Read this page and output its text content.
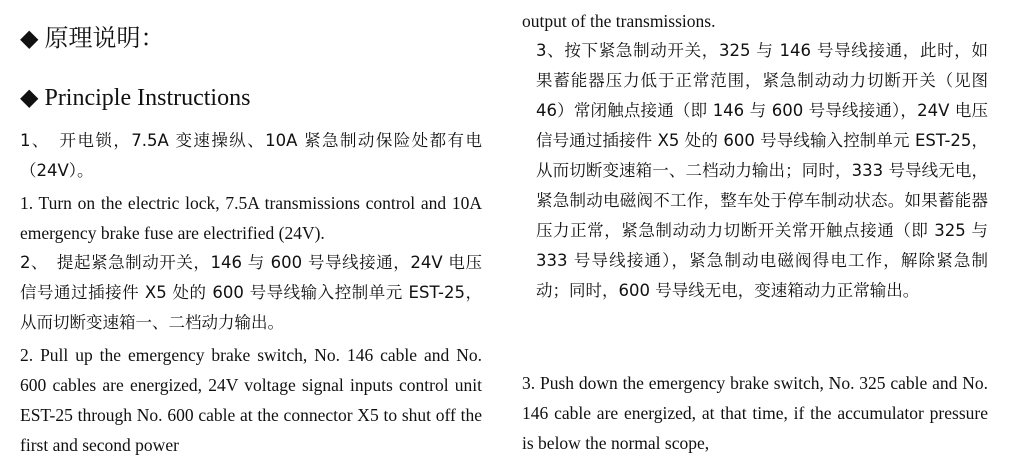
◆ 原理说明：
◆ Principle Instructions

1、　开电锁，7.5A 变速操纵、10A 紧急制动保险处都有电（24V）。

1. Turn on the electric lock, 7.5A transmissions control and 10A emergency brake fuse are electrified (24V).

2、　提起紧急制动开关，146 与 600 号导线接通，24V 电压信号通过插接件 X5 处的 600 号导线输入控制单元 EST-25，从而切断变速箱一、二档动力输出。

2. Pull up the emergency brake switch, No. 146 cable and No. 600 cables are energized, 24V voltage signal inputs control unit EST-25 through No. 600 cable at the connector X5 to shut off the first and second power

output of the transmissions.

3、按下紧急制动开关，325 与 146 号导线接通，此时，如果蓄能器压力低于正常范围，紧急制动动力切断开关（见图 46）常闭触点接通（即 146 与 600 号导线接通），24V 电压信号通过插接件 X5 处的 600 号导线输入控制单元 EST-25，从而切断变速箱一、二档动力输出；同时，333 号导线无电，紧急制动电磁阀不工作，整车处于停车制动状态。如果蓄能器压力正常，紧急制动动力切断开关常开触点接通（即 325 与 333 号导线接通），紧急制动电磁阀得电工作，解除紧急制动；同时，600 号导线无电，变速箱动力正常输出。

3. Push down the emergency brake switch, No. 325 cable and No. 146 cable are energized, at that time, if the accumulator pressure is below the normal scope,
